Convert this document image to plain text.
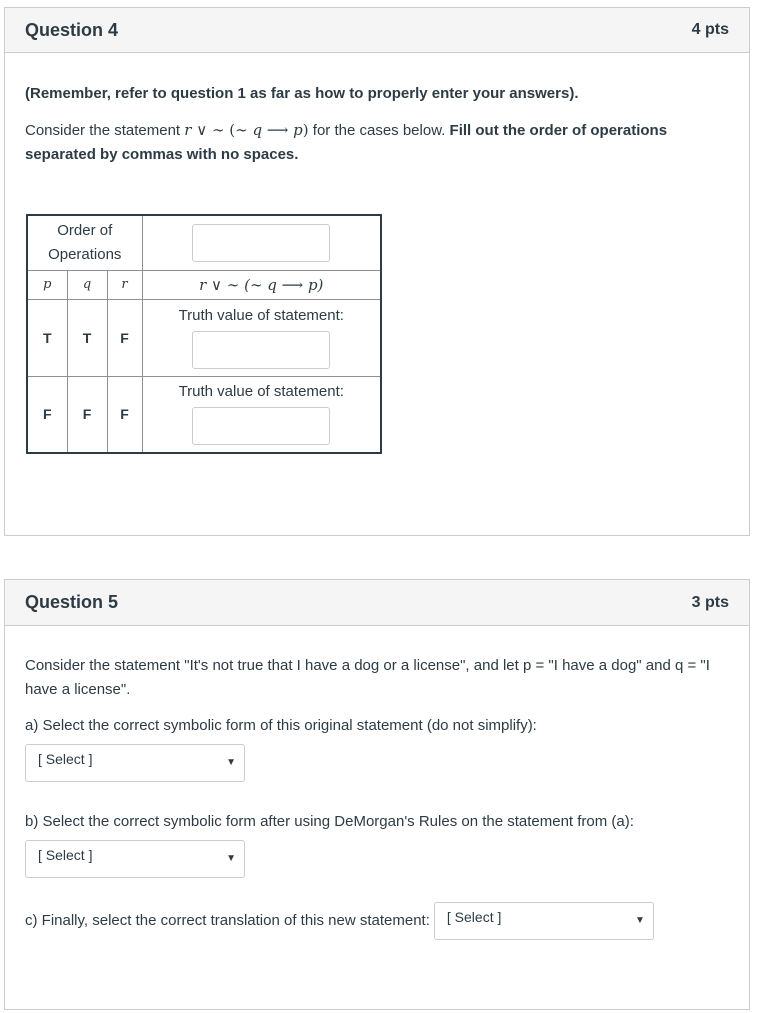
Question 4	4 pts

(Remember, refer to question 1 as far as how to properly enter your answers).

Consider the statement r ∨ ∼ (∼ q ⟶ p) for the cases below. Fill out the order of operations separated by commas with no spaces.

Order of Operations			

p	q	r	r ∨ ∼ (∼ q ⟶ p)
T	T	F	Truth value of statement:

F	F	F	Truth value of statement:
Question 5	3 pts

Consider the statement "It's not true that I have a dog or a license", and let p = "I have a dog" and q = "I have a license".

a) Select the correct symbolic form of this original statement (do not simplify):

[ Select ]	▼

b) Select the correct symbolic form after using DeMorgan's Rules on the statement from (a):

[ Select ]	▼
c) Finally, select the correct translation of this new statement: [ Select ]	▼
